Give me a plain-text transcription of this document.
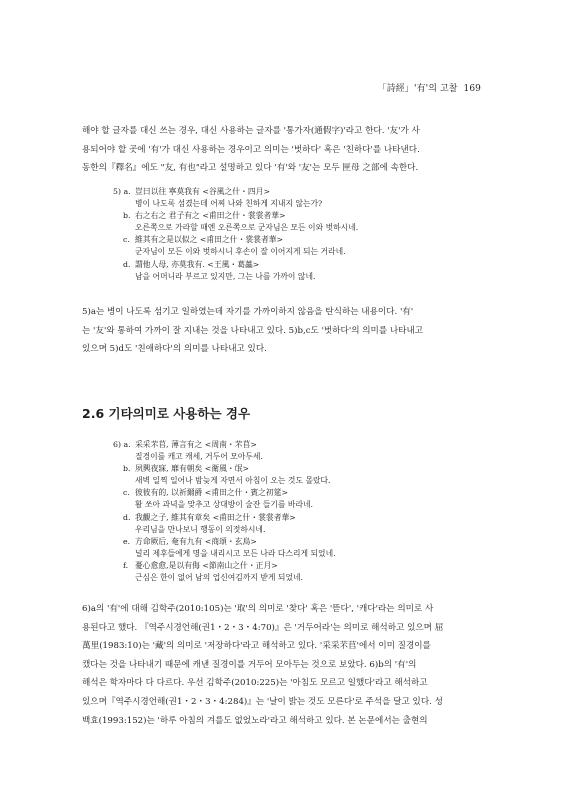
「詩經」'有'의 고찰 169

해야 할 글자를 대신 쓰는 경우, 대신 사용하는 글자를 '통가자(通假字)'라고 한다. '友'가 사

용되어야 할 곳에 '有'가 대신 사용하는 경우이고 의미는 '벗하다' 혹은 '친하다'를 나타낸다.

동한의『釋名』에도 "友, 有也"라고 설명하고 있다 '有'와 '友'는 모두 匣母 之部에 속한다.

5) a. 豈曰以往 寧莫我有 <谷風之什・四月>
병이 나도록 섬겼는데 어찌 나와 친하게 지내지 않는가?
b. 右之右之 君子有之 <甫田之什・裳裳者華>
오른쪽으로 가라할 때엔 오른쪽으로 군자님은 모든 이와 벗하시네.
c. 維其有之是以似之 <甫田之什・裳裳者華>
군자님이 모든 이와 벗하시니 후손이 잘 이어지게 되는 거라네.
d. 謂他人母, 亦莫我有. <王風・葛藟>
남을 어머니라 부르고 있지만, 그는 나를 가까이 않네.

5)a는 병이 나도록 섬기고 일하였는데 자기를 가까이하지 않음을 탄식하는 내용이다. '有'

는 '友'와 통하여 가까이 잘 지내는 것을 나타내고 있다. 5)b,c도 '벗하다'의 의미를 나타내고

있으며 5)d도 '친애하다'의 의미를 나타내고 있다.

2.6 기타의미로 사용하는 경우
6) a. 采采芣苢, 薄言有之 <周南・芣苢>
질경이를 캐고 캐세, 거두어 모아두세.
b. 夙興夜寐, 靡有朝矣 <衛風・氓>
새벽 일찍 일어나 밤늦게 자면서 아침이 오는 것도 몰랐다.
c. 彼彼有的, 以祈爾爵 <甫田之什・賓之初筵>
활 쏘아 과녁을 맞추고 상대방이 술잔 들기를 바라네.
d. 我觀之子, 維其有章矣 <甫田之什・裳裳者華>
우리님을 만나보니 행동이 의젓하시네.
e. 方命厥后, 奄有九有 <商頌・玄鳥>
널리 제후들에게 명을 내리시고 모든 나라 다스리게 되었네.
f. 憂心愈愈,是以有侮 <節南山之什・正月>
근심은 한이 없어 남의 업신여김까지 받게 되었네.

6)a의 '有'에 대해 김학주(2010:105)는 '取'의 의미로 '찾다' 혹은 '뜯다', '캐다'라는 의미로 사

용된다고 했다. 『역주시경언해(권1・2・3・4:70)』은 '거두어라'는 의미로 해석하고 있으며 屈

萬里(1983:10)는 '藏'의 의미로 '저장하다'라고 해석하고 있다. '采采芣苢'에서 이미 질경이를

캤다는 것을 나타내기 때문에 캐낸 질경이를 거두어 모아두는 것으로 보았다. 6)b의 '有'의

해석은 학자마다 다 다르다. 우선 김학주(2010:225)는 '아침도 모르고 일했다'라고 해석하고

있으며『역주시경언해(권1・2・3・4:284)』는 '날이 밝는 것도 모른다'로 주석을 달고 있다. 성

백효(1993:152)는 '하루 아침의 겨를도 없었노라'라고 해석하고 있다. 본 논문에서는 출현의
